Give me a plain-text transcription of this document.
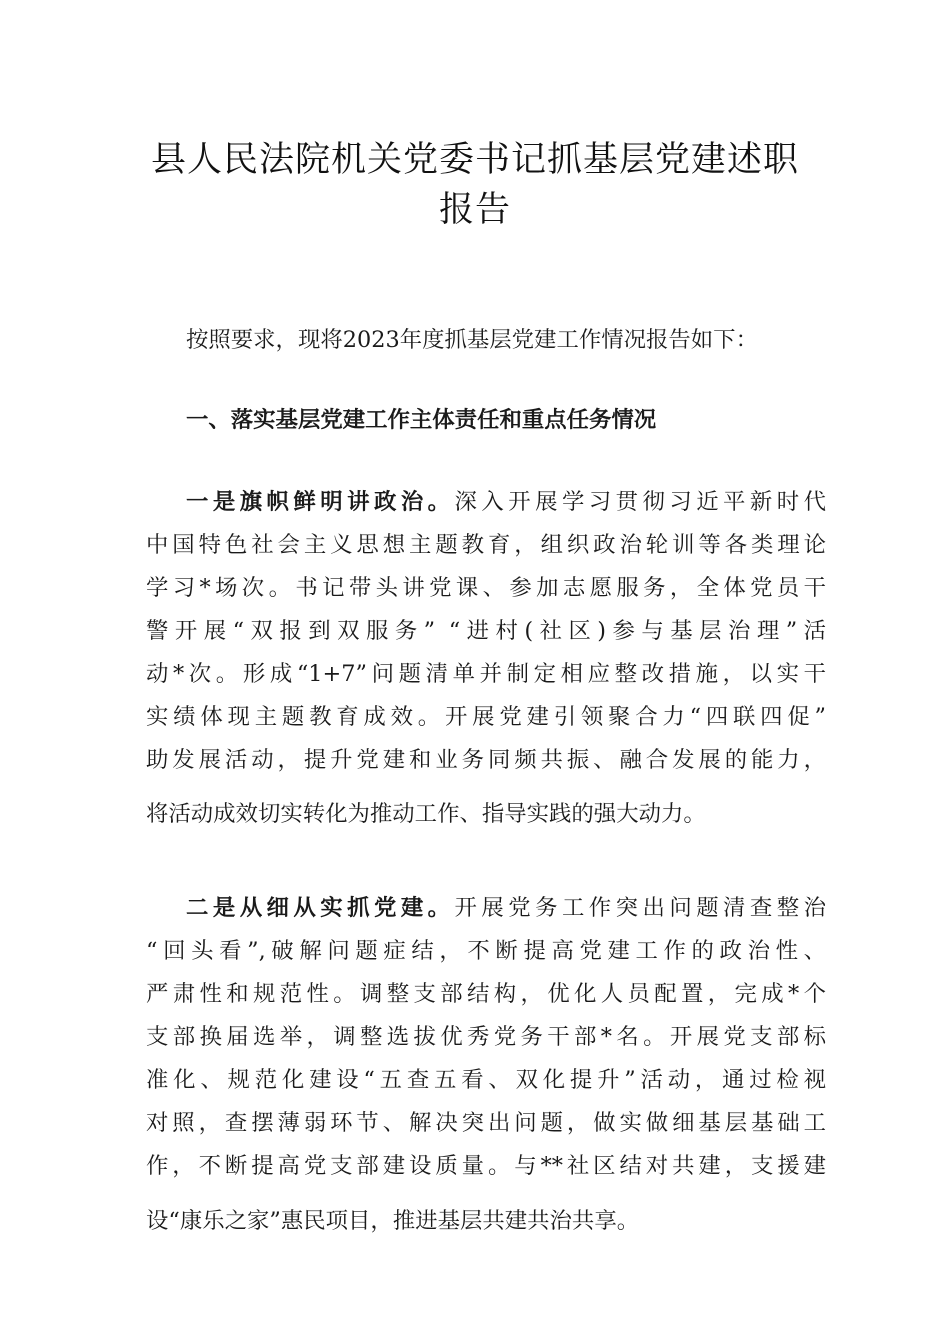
县人民法院机关党委书记抓基层党建述职
报告

按照要求，现将2023年度抓基层党建工作情况报告如下：

一、落实基层党建工作主体责任和重点任务情况

一是旗帜鲜明讲政治。深入开展学习贯彻习近平新时代

中国特色社会主义思想主题教育，组织政治轮训等各类理论

学习*场次。书记带头讲党课、参加志愿服务，全体党员干

警开展“双报到双服务” “进村(社区)参与基层治理”活

动*次。形成“1+7”问题清单并制定相应整改措施，以实干

实绩体现主题教育成效。开展党建引领聚合力“四联四促”

助发展活动，提升党建和业务同频共振、融合发展的能力，

将活动成效切实转化为推动工作、指导实践的强大动力。

二是从细从实抓党建。开展党务工作突出问题清查整治

“回头看”,破解问题症结，不断提高党建工作的政治性、

严肃性和规范性。调整支部结构，优化人员配置，完成*个

支部换届选举，调整选拔优秀党务干部*名。开展党支部标

准化、规范化建设“五查五看、双化提升”活动，通过检视

对照，查摆薄弱环节、解决突出问题，做实做细基层基础工

作，不断提高党支部建设质量。与**社区结对共建，支援建

设“康乐之家”惠民项目，推进基层共建共治共享。
